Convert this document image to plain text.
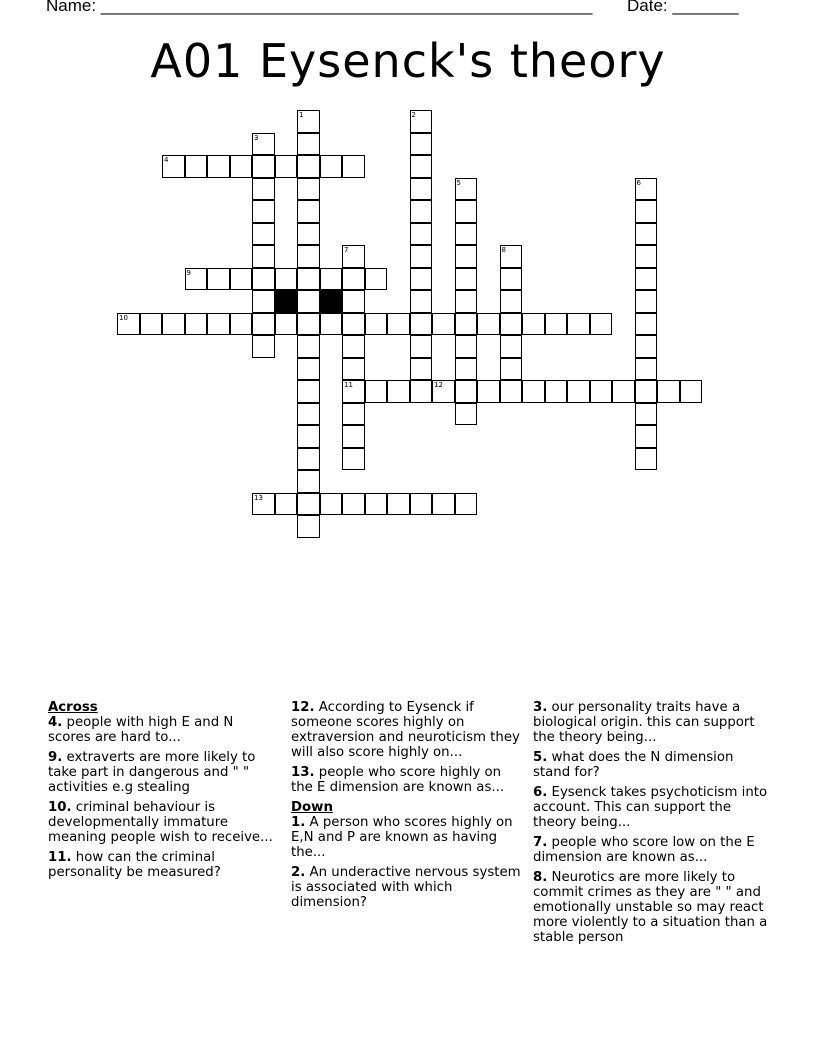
Name: ____________________________________________________ Date: _______
A01 Eysenck's theory
4
9
10
11	12
13
1	2
3
5	6
7	8
Across
4. people with high E and N scores are hard to...
9. extraverts are more likely to take part in dangerous and " " activities e.g stealing
10. criminal behaviour is developmentally immature meaning people wish to receive...
11. how can the criminal personality be measured?
12. According to Eysenck if someone scores highly on extraversion and neuroticism they will also score highly on...
13. people who score highly on the E dimension are known as...
Down
1. A person who scores highly on E,N and P are known as having the...
2. An underactive nervous system is associated with which dimension?
3. our personality traits have a biological origin. this can support the theory being...
5. what does the N dimension stand for?
6. Eysenck takes psychoticism into account. This can support the theory being...
7. people who score low on the E dimension are known as...
8. Neurotics are more likely to commit crimes as they are " " and emotionally unstable so may react more violently to a situation than a stable person
